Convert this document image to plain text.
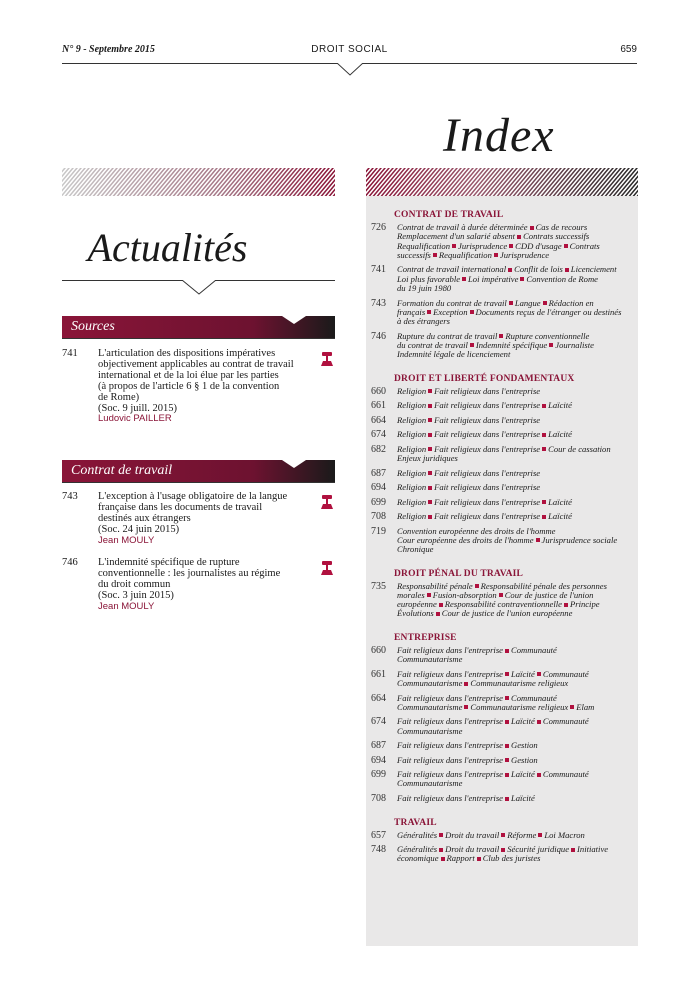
N° 9 - Septembre 2015	DROIT SOCIAL	659
Index
Actualités
Sources
741	L'articulation des dispositions impératives
objectivement applicables au contrat de travail
international et de la loi élue par les parties
(à propos de l'article 6 § 1 de la convention
de Rome)
(Soc. 9 juill. 2015)
Ludovic PAILLER
Contrat de travail
743	L'exception à l'usage obligatoire de la langue
française dans les documents de travail
destinés aux étrangers
(Soc. 24 juin 2015)
Jean MOULY
746	L'indemnité spécifique de rupture
conventionnelle : les journalistes au régime
du droit commun
(Soc. 3 juin 2015)
Jean MOULY
CONTRAT DE TRAVAIL
726	Contrat de travail à durée déterminée Cas de recours
Remplacement d'un salarié absent Contrats successifs
Requalification Jurisprudence CDD d'usage Contrats
successifs Requalification Jurisprudence
741	Contrat de travail international Conflit de lois Licenciement
Loi plus favorable Loi impérative Convention de Rome
du 19 juin 1980
743	Formation du contrat de travail Langue Rédaction en
français Exception Documents reçus de l'étranger ou destinés
à des étrangers
746	Rupture du contrat de travail Rupture conventionnelle
du contrat de travail Indemnité spécifique Journaliste
Indemnité légale de licenciement
DROIT ET LIBERTÉ FONDAMENTAUX
660	Religion Fait religieux dans l'entreprise
661	Religion Fait religieux dans l'entreprise Laïcité
664	Religion Fait religieux dans l'entreprise
674	Religion Fait religieux dans l'entreprise Laïcité
682	Religion Fait religieux dans l'entreprise Cour de cassation
Enjeux juridiques
687	Religion Fait religieux dans l'entreprise
694	Religion Fait religieux dans l'entreprise
699	Religion Fait religieux dans l'entreprise Laïcité
708	Religion Fait religieux dans l'entreprise Laïcité
719	Convention européenne des droits de l'homme
Cour européenne des droits de l'homme Jurisprudence sociale
Chronique
DROIT PÉNAL DU TRAVAIL
735	Responsabilité pénale Responsabilité pénale des personnes
morales Fusion-absorption Cour de justice de l'union
européenne Responsabilité contraventionnelle Principe
Évolutions Cour de justice de l'union européenne
ENTREPRISE
660	Fait religieux dans l'entreprise Communauté
Communautarisme
661	Fait religieux dans l'entreprise Laïcité Communauté
Communautarisme Communautarisme religieux
664	Fait religieux dans l'entreprise Communauté
Communautarisme Communautarisme religieux Elam
674	Fait religieux dans l'entreprise Laïcité Communauté
Communautarisme
687	Fait religieux dans l'entreprise Gestion
694	Fait religieux dans l'entreprise Gestion
699	Fait religieux dans l'entreprise Laïcité Communauté
Communautarisme
708	Fait religieux dans l'entreprise Laïcité
TRAVAIL
657	Généralités Droit du travail Réforme Loi Macron
748	Généralités Droit du travail Sécurité juridique Initiative
économique Rapport Club des juristes
